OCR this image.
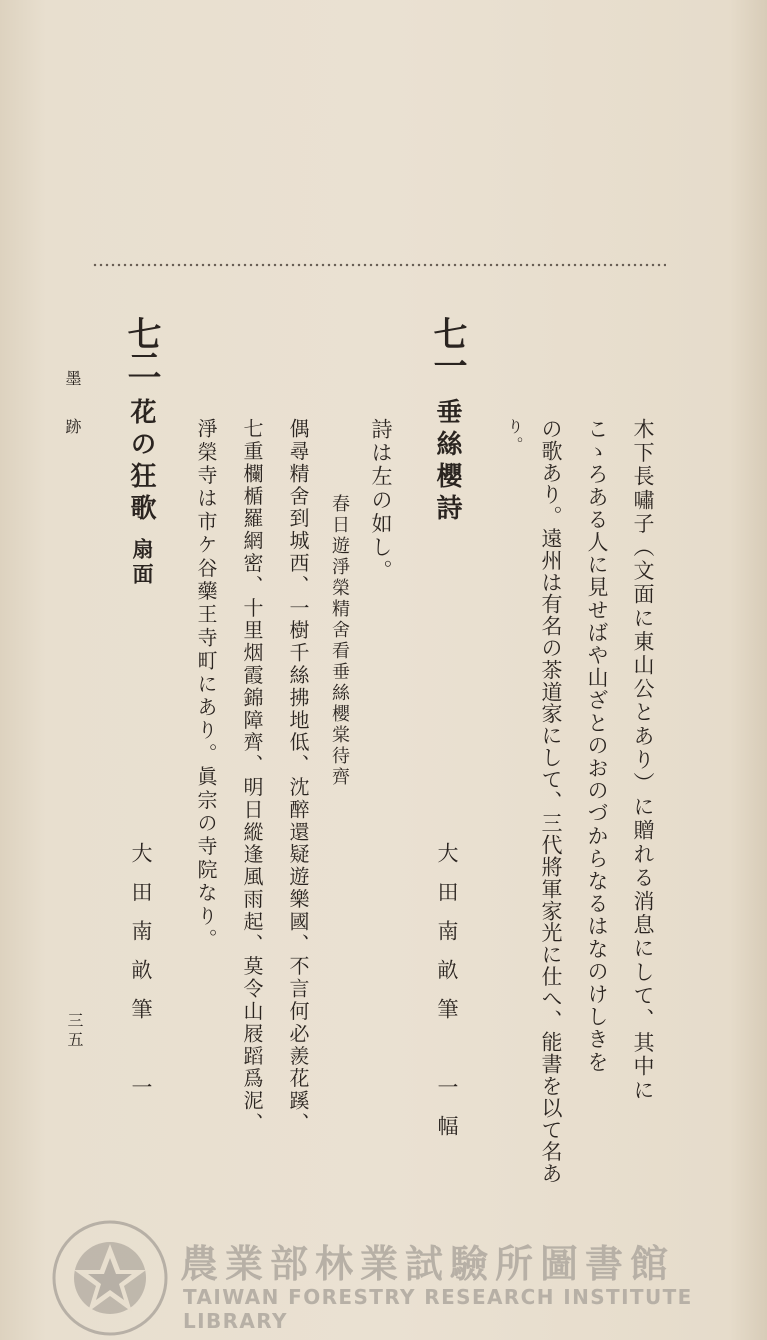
木下長嘯子（文面に東山公とあり）に贈れる消息にして、其中に
こゝろある人に見せばや山ざとのおのづからなるはなのけしきを
の歌あり。遠州は有名の茶道家にして、三代將軍家光に仕へ、能書を以て名あ
り。
七一
垂絲櫻詩
大田南畝筆　一幅
詩は左の如し。
春日遊淨榮精舍看垂絲櫻棠待齊
偶尋精舍到城西、一樹千絲拂地低、沈醉還疑遊樂國、不言何必羨花蹊、
七重欄楯羅網密、十里烟霞錦障齊、明日縱逢風雨起、莫令山屐蹈爲泥、
淨榮寺は市ケ谷藥王寺町にあり。眞宗の寺院なり。
七二
花の狂歌
扇面
大田南畝筆　一
墨　跡
三五
農業部林業試驗所圖書館
TAIWAN FORESTRY RESEARCH INSTITUTE LIBRARY
